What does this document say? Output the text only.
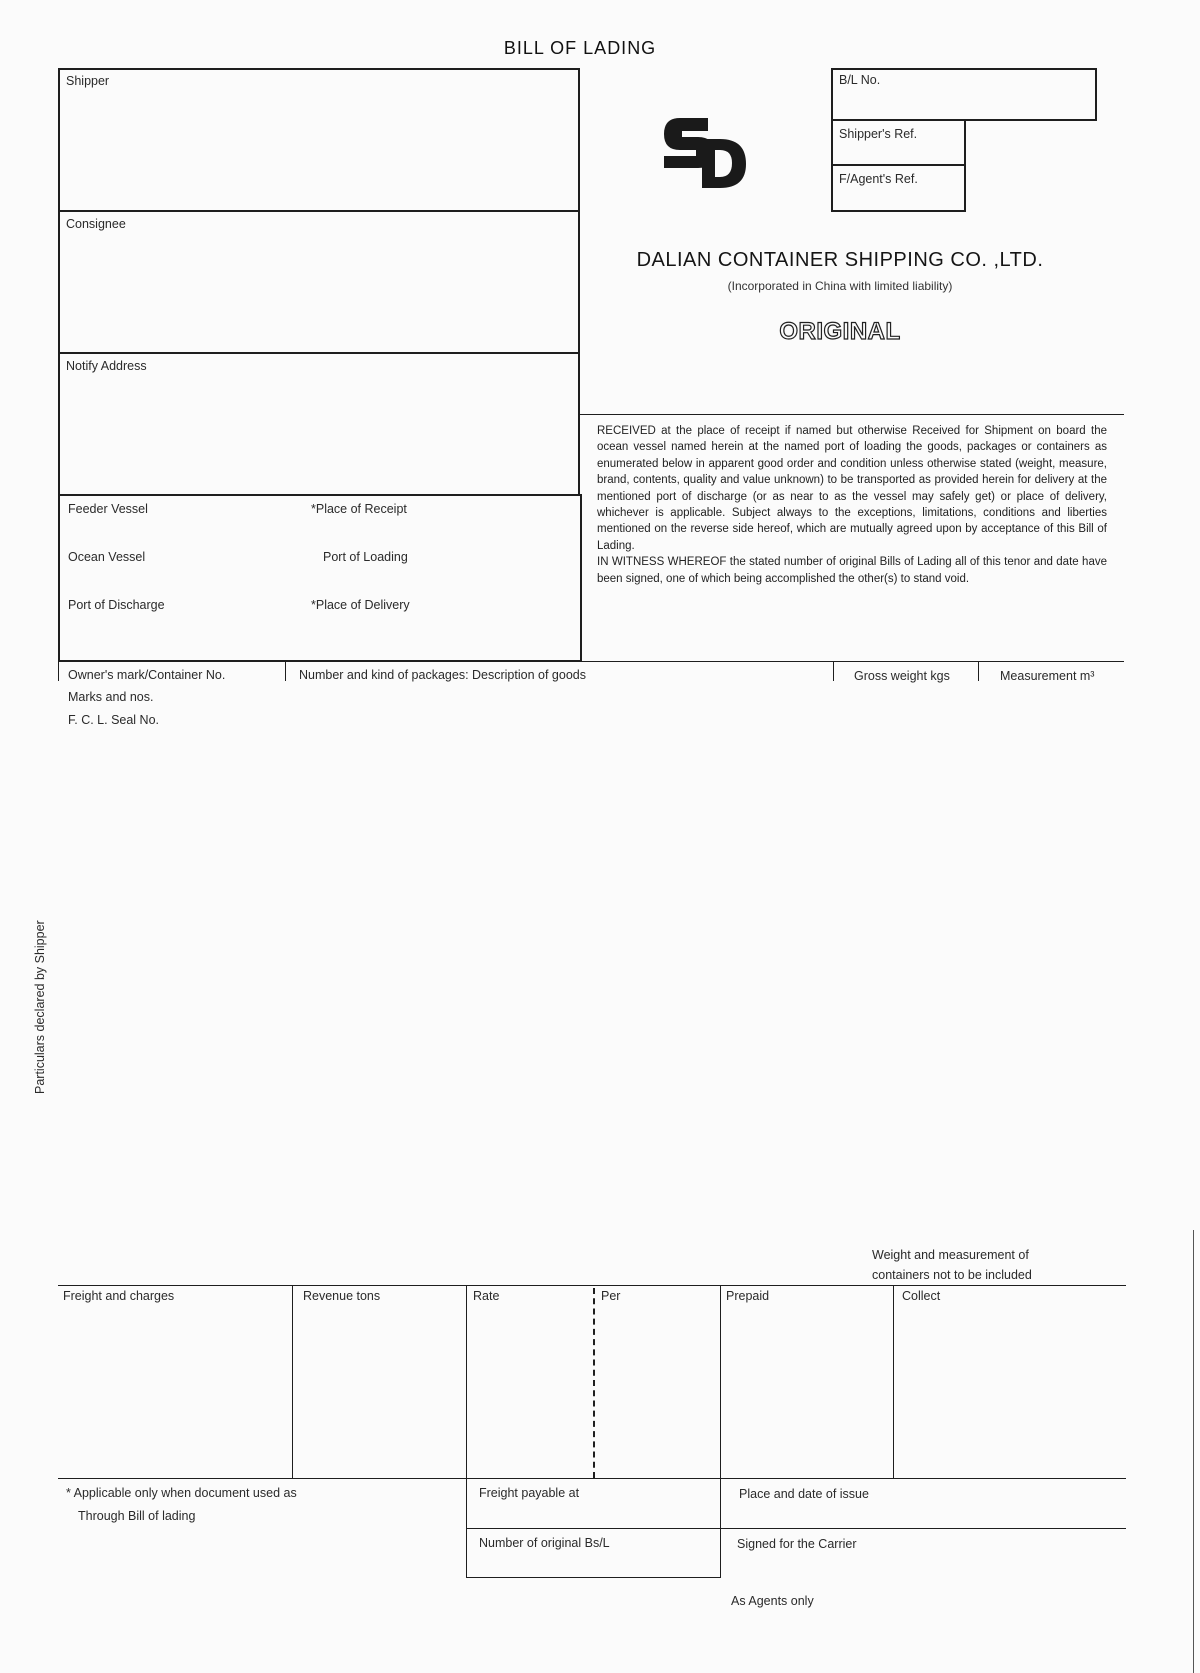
BILL OF LADING
Shipper
Consignee
Notify Address
Feeder Vessel	*Place of Receipt
Ocean Vessel	Port of Loading
Port of Discharge	*Place of Delivery
B/L No.
Shipper's Ref.
F/Agent's Ref.
DALIAN CONTAINER SHIPPING CO. ,LTD.
(Incorporated in China with limited liability)
ORIGINAL

RECEIVED at the place of receipt if named but otherwise Received for Shipment on board the ocean vessel named herein at the named port of loading the goods, packages or containers as enumerated below in apparent good order and condition unless otherwise stated (weight, measure, brand, contents, quality and value unknown) to be transported as provided herein for delivery at the mentioned port of discharge (or as near to as the vessel may safely get) or place of delivery, whichever is applicable. Subject always to the exceptions, limitations, conditions and liberties mentioned on the reverse side hereof, which are mutually agreed upon by acceptance of this Bill of Lading.

IN WITNESS WHEREOF the stated number of original Bills of Lading all of this tenor and date have been signed, one of which being accomplished the other(s) to stand void.

Owner's mark/Container No.	Number and kind of packages: Description of goods	Gross weight kgs	Measurement m³
Marks and nos.
F. C. L. Seal No.
Particulars declared by Shipper
Weight and measurement of
containers not to be included
Freight and charges	Revenue tons	Rate	Per	Prepaid	Collect
* Applicable only when document used as
Through Bill of lading
Freight payable at	Place and date of issue
Number of original Bs/L	Signed for the Carrier
As Agents only
